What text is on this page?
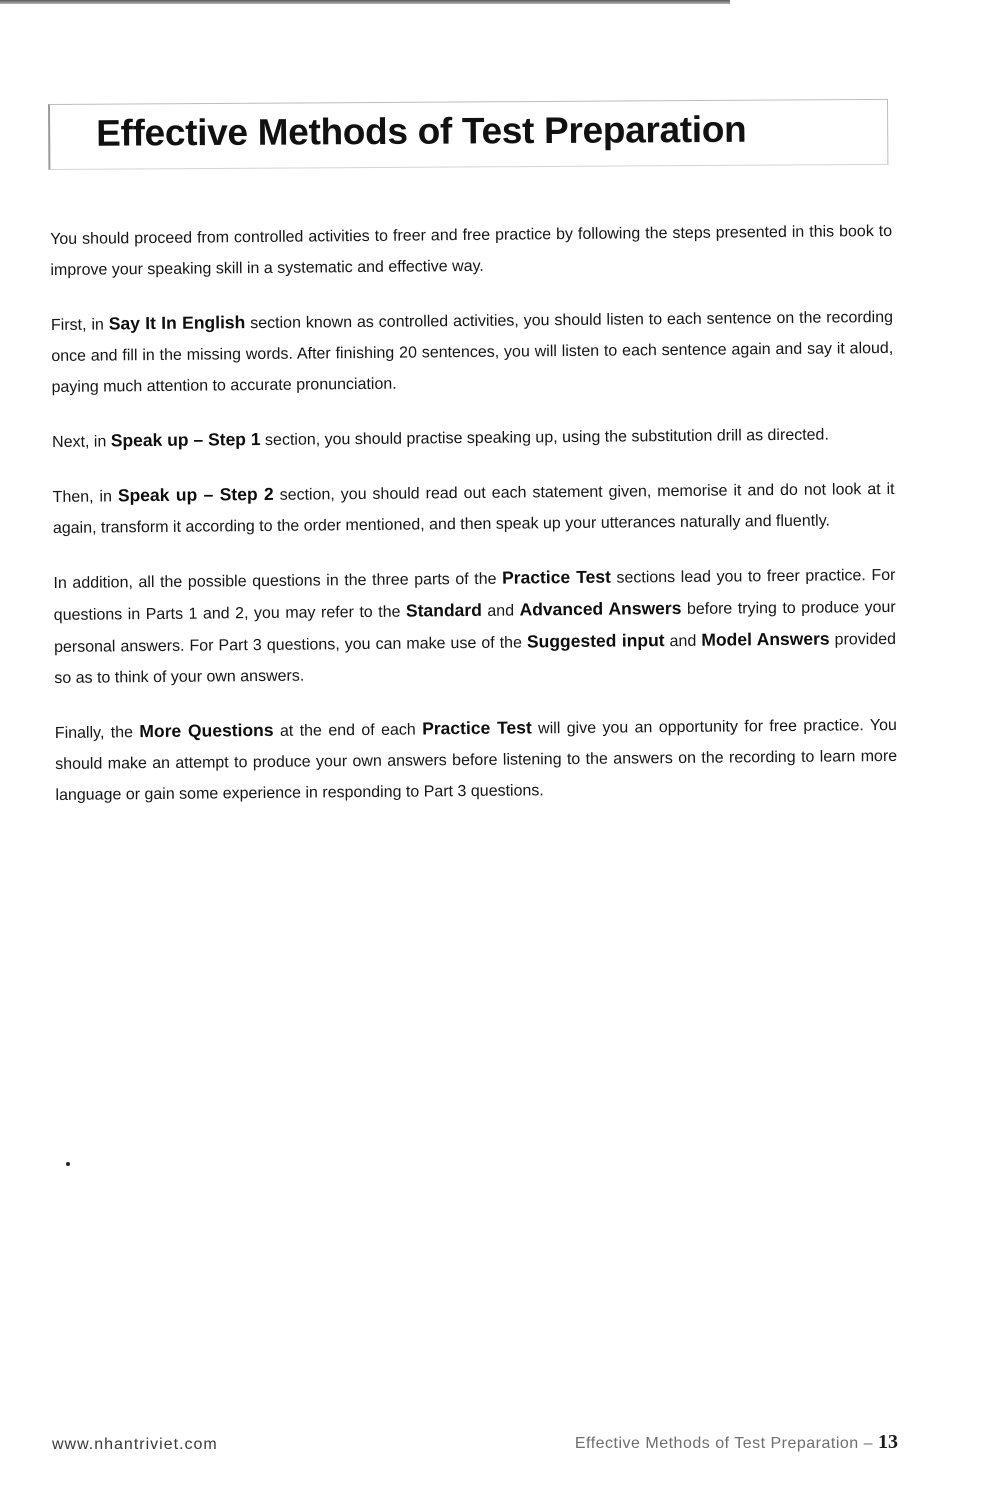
Effective Methods of Test Preparation

You should proceed from controlled activities to freer and free practice by following the steps presented in this book to improve your speaking skill in a systematic and effective way.

First, in Say It In English section known as controlled activities, you should listen to each sentence on the recording once and fill in the missing words. After finishing 20 sentences, you will listen to each sentence again and say it aloud, paying much attention to accurate pronunciation.

Next, in Speak up – Step 1 section, you should practise speaking up, using the substitution drill as directed.

Then, in Speak up – Step 2 section, you should read out each statement given, memorise it and do not look at it again, transform it according to the order mentioned, and then speak up your utterances naturally and fluently.

In addition, all the possible questions in the three parts of the Practice Test sections lead you to freer practice. For questions in Parts 1 and 2, you may refer to the Standard and Advanced Answers before trying to produce your personal answers. For Part 3 questions, you can make use of the Suggested input and Model Answers provided so as to think of your own answers.

Finally, the More Questions at the end of each Practice Test will give you an opportunity for free practice. You should make an attempt to produce your own answers before listening to the answers on the recording to learn more language or gain some experience in responding to Part 3 questions.

www.nhantriviet.com	Effective Methods of Test Preparation – 13
